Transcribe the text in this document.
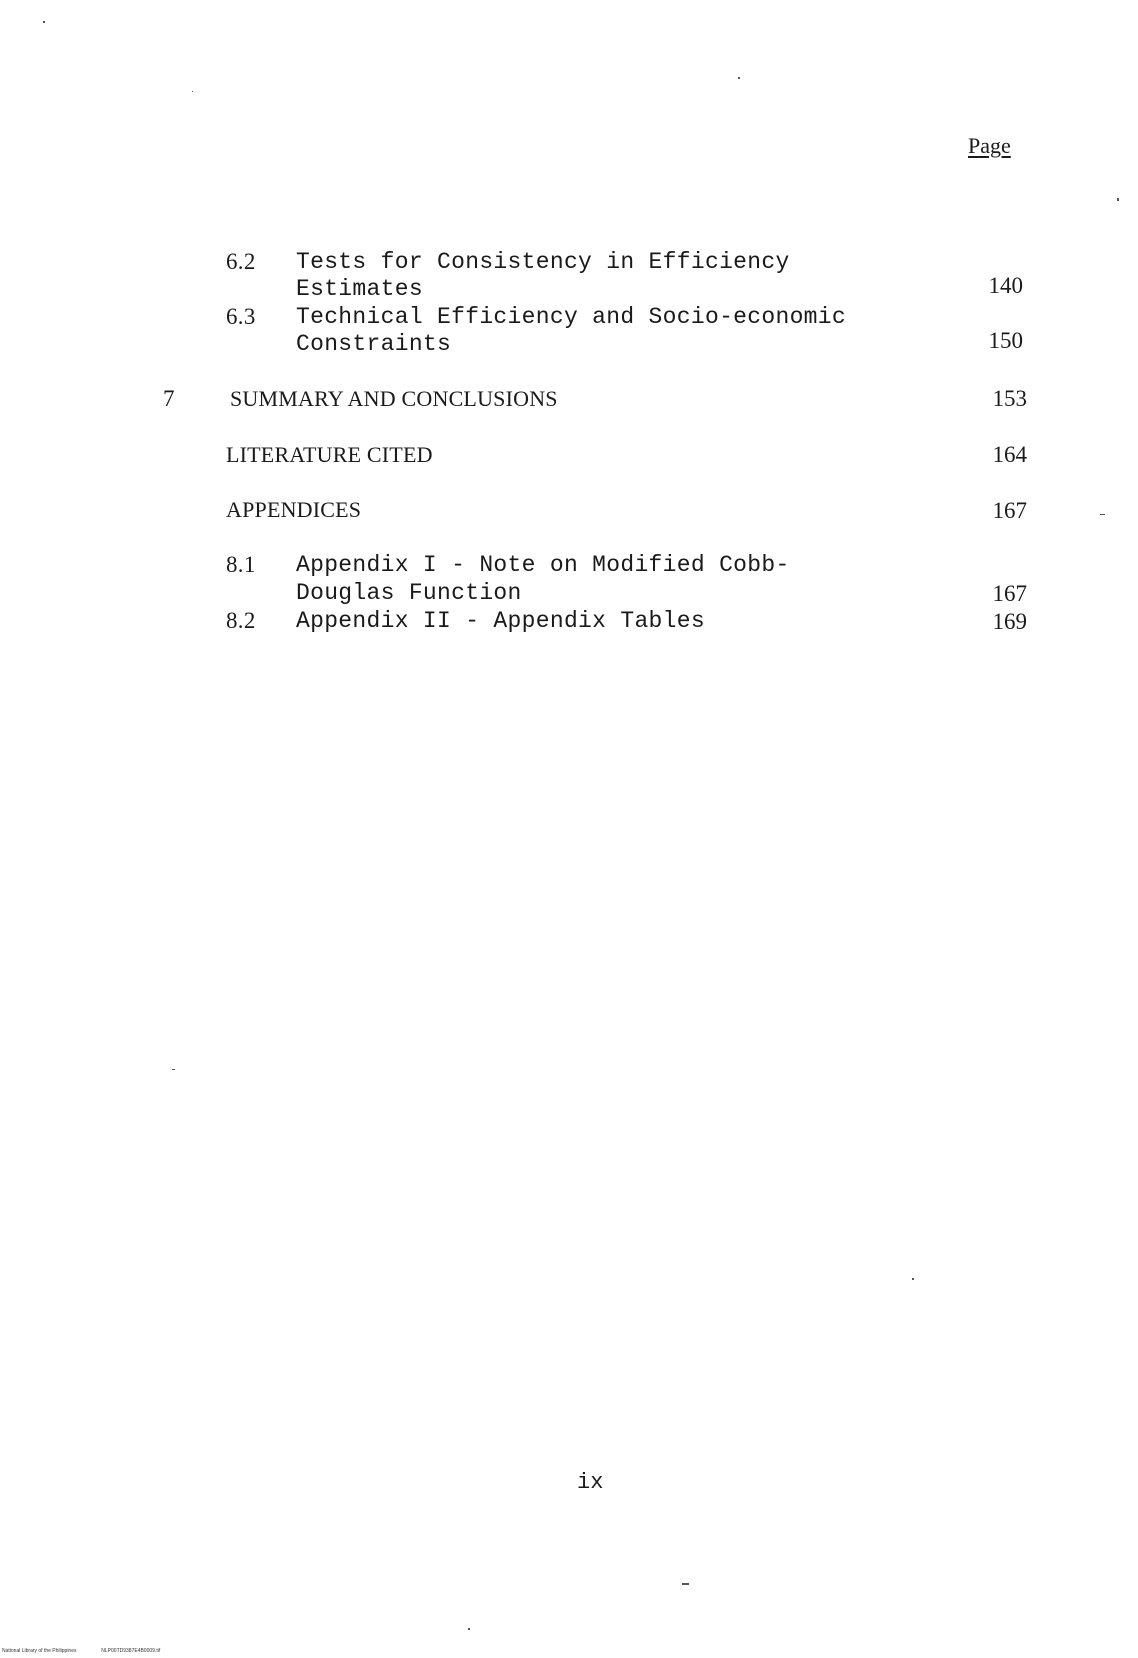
Page
6.2 Tests for Consistency in Efficiency
Estimates	140
6.3 Technical Efficiency and Socio-economic
Constraints	150
7	SUMMARY AND CONCLUSIONS	153
LITERATURE CITED	164
APPENDICES	167
8.1 Appendix I - Note on Modified Cobb-
Douglas Function	167
8.2 Appendix II - Appendix Tables	169
ix
National Library of the Philippines	NLP00TD9387E4B0009.tif
